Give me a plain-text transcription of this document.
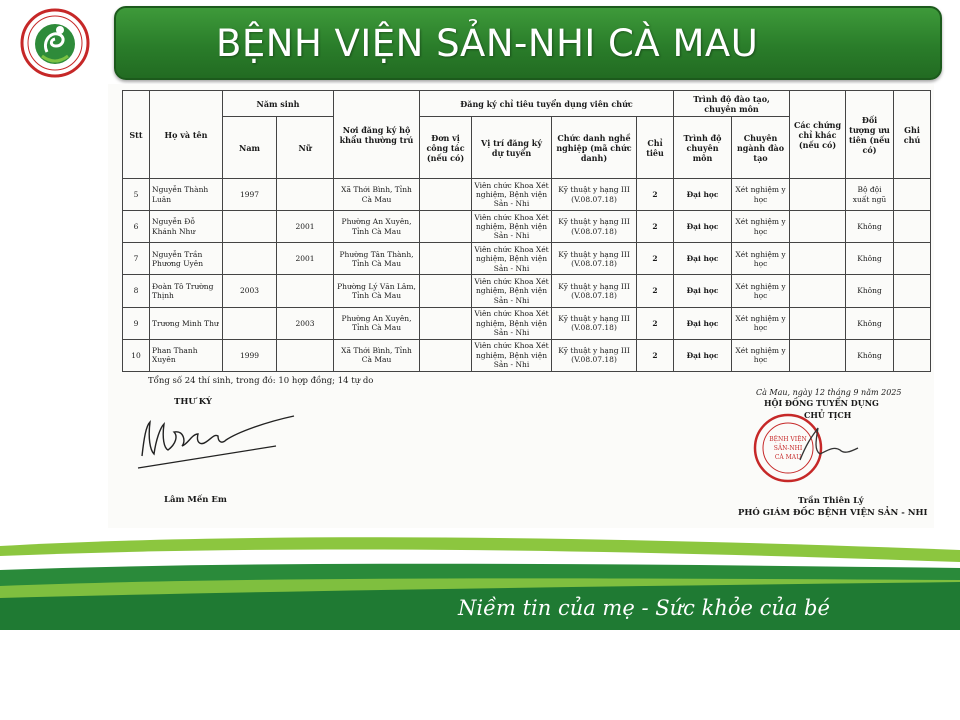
BỆNH VIỆN SẢN-NHI CÀ MAU
Stt	Họ và tên	Năm sinh		Nơi đăng ký hộ khẩu thường trú	Đăng ký chỉ tiêu tuyển dụng viên chức				Trình độ đào tạo, chuyên môn		Các chứng chỉ khác (nếu có)	Đối tượng ưu tiên (nếu có)	Ghi chú
		Nam	Nữ		Đơn vị công tác (nếu có)	Vị trí đăng ký dự tuyển	Chức danh nghề nghiệp (mã chức danh)	Chỉ tiêu	Trình độ chuyên môn	Chuyên ngành đào tạo			
5	Nguyễn Thành Luân	1997		Xã Thới Bình, Tỉnh Cà Mau		Viên chức Khoa Xét nghiệm, Bệnh viện Sản - Nhi	Kỹ thuật y hạng III (V.08.07.18)	2	Đại học	Xét nghiệm y học		Bộ đội xuất ngũ	
6	Nguyễn Đỗ Khánh Như		2001	Phường An Xuyên, Tỉnh Cà Mau		Viên chức Khoa Xét nghiệm, Bệnh viện Sản - Nhi	Kỹ thuật y hạng III (V.08.07.18)	2	Đại học	Xét nghiệm y học		Không	
7	Nguyễn Trần Phương Uyên		2001	Phường Tân Thành, Tỉnh Cà Mau		Viên chức Khoa Xét nghiệm, Bệnh viện Sản - Nhi	Kỹ thuật y hạng III (V.08.07.18)	2	Đại học	Xét nghiệm y học		Không	
8	Đoàn Tô Trường Thịnh	2003		Phường Lý Văn Lâm, Tỉnh Cà Mau		Viên chức Khoa Xét nghiệm, Bệnh viện Sản - Nhi	Kỹ thuật y hạng III (V.08.07.18)	2	Đại học	Xét nghiệm y học		Không	
9	Trương Minh Thư		2003	Phường An Xuyên, Tỉnh Cà Mau		Viên chức Khoa Xét nghiệm, Bệnh viện Sản - Nhi	Kỹ thuật y hạng III (V.08.07.18)	2	Đại học	Xét nghiệm y học		Không	
10	Phan Thanh Xuyên	1999		Xã Thới Bình, Tỉnh Cà Mau		Viên chức Khoa Xét nghiệm, Bệnh viện Sản - Nhi	Kỹ thuật y hạng III (V.08.07.18)	2	Đại học	Xét nghiệm y học		Không	
Tổng số 24 thí sinh, trong đó: 10 hợp đồng; 14 tự do
Cà Mau, ngày 12 tháng 9 năm 2025
HỘI ĐỒNG TUYỂN DỤNG
CHỦ TỊCH
THƯ KÝ
Lâm Mến Em
BỆNH VIỆN
SẢN-NHI
CÀ MAU
Trần Thiên Lý
PHÓ GIÁM ĐỐC BỆNH VIỆN SẢN - NHI
Niềm tin của mẹ - Sức khỏe của bé
